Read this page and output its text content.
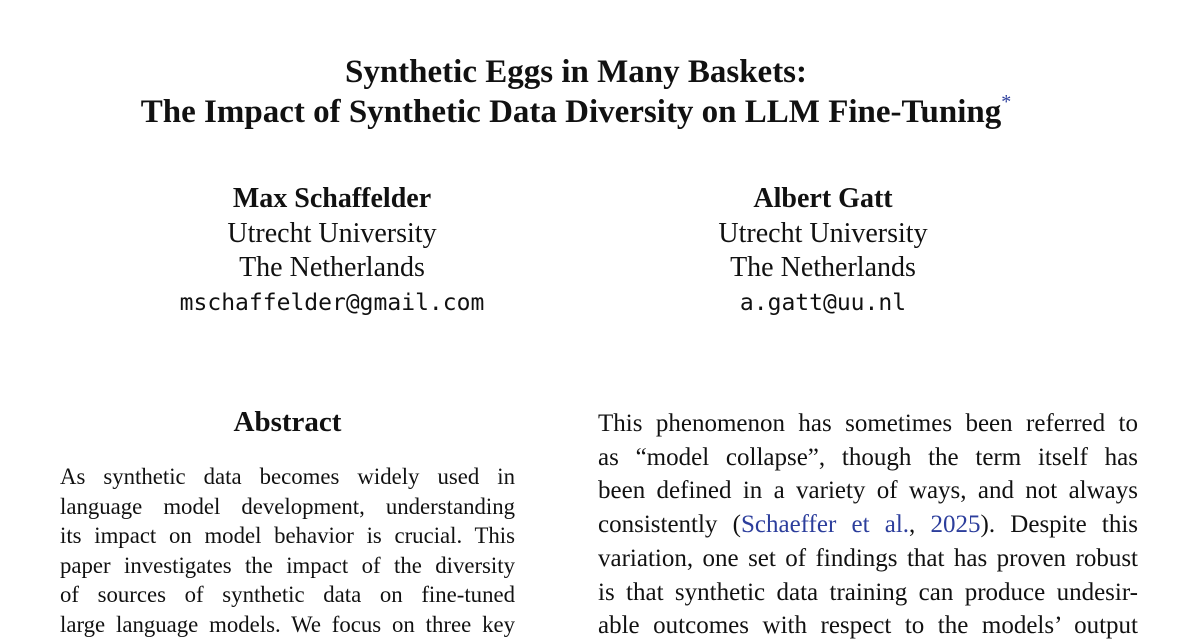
Synthetic Eggs in Many Baskets:
The Impact of Synthetic Data Diversity on LLM Fine-Tuning*
Max Schaffelder
Utrecht University
The Netherlands
mschaffelder@gmail.com
Albert Gatt
Utrecht University
The Netherlands
a.gatt@uu.nl
Abstract
As synthetic data becomes widely used in
language model development, understanding
its impact on model behavior is crucial. This
paper investigates the impact of the diversity
of sources of synthetic data on fine-tuned
large language models. We focus on three key
This phenomenon has sometimes been referred to
as “model collapse”, though the term itself has
been defined in a variety of ways, and not always
consistently (Schaeffer et al., 2025). Despite this
variation, one set of findings that has proven robust
is that synthetic data training can produce undesir-
able outcomes with respect to the models’ output
